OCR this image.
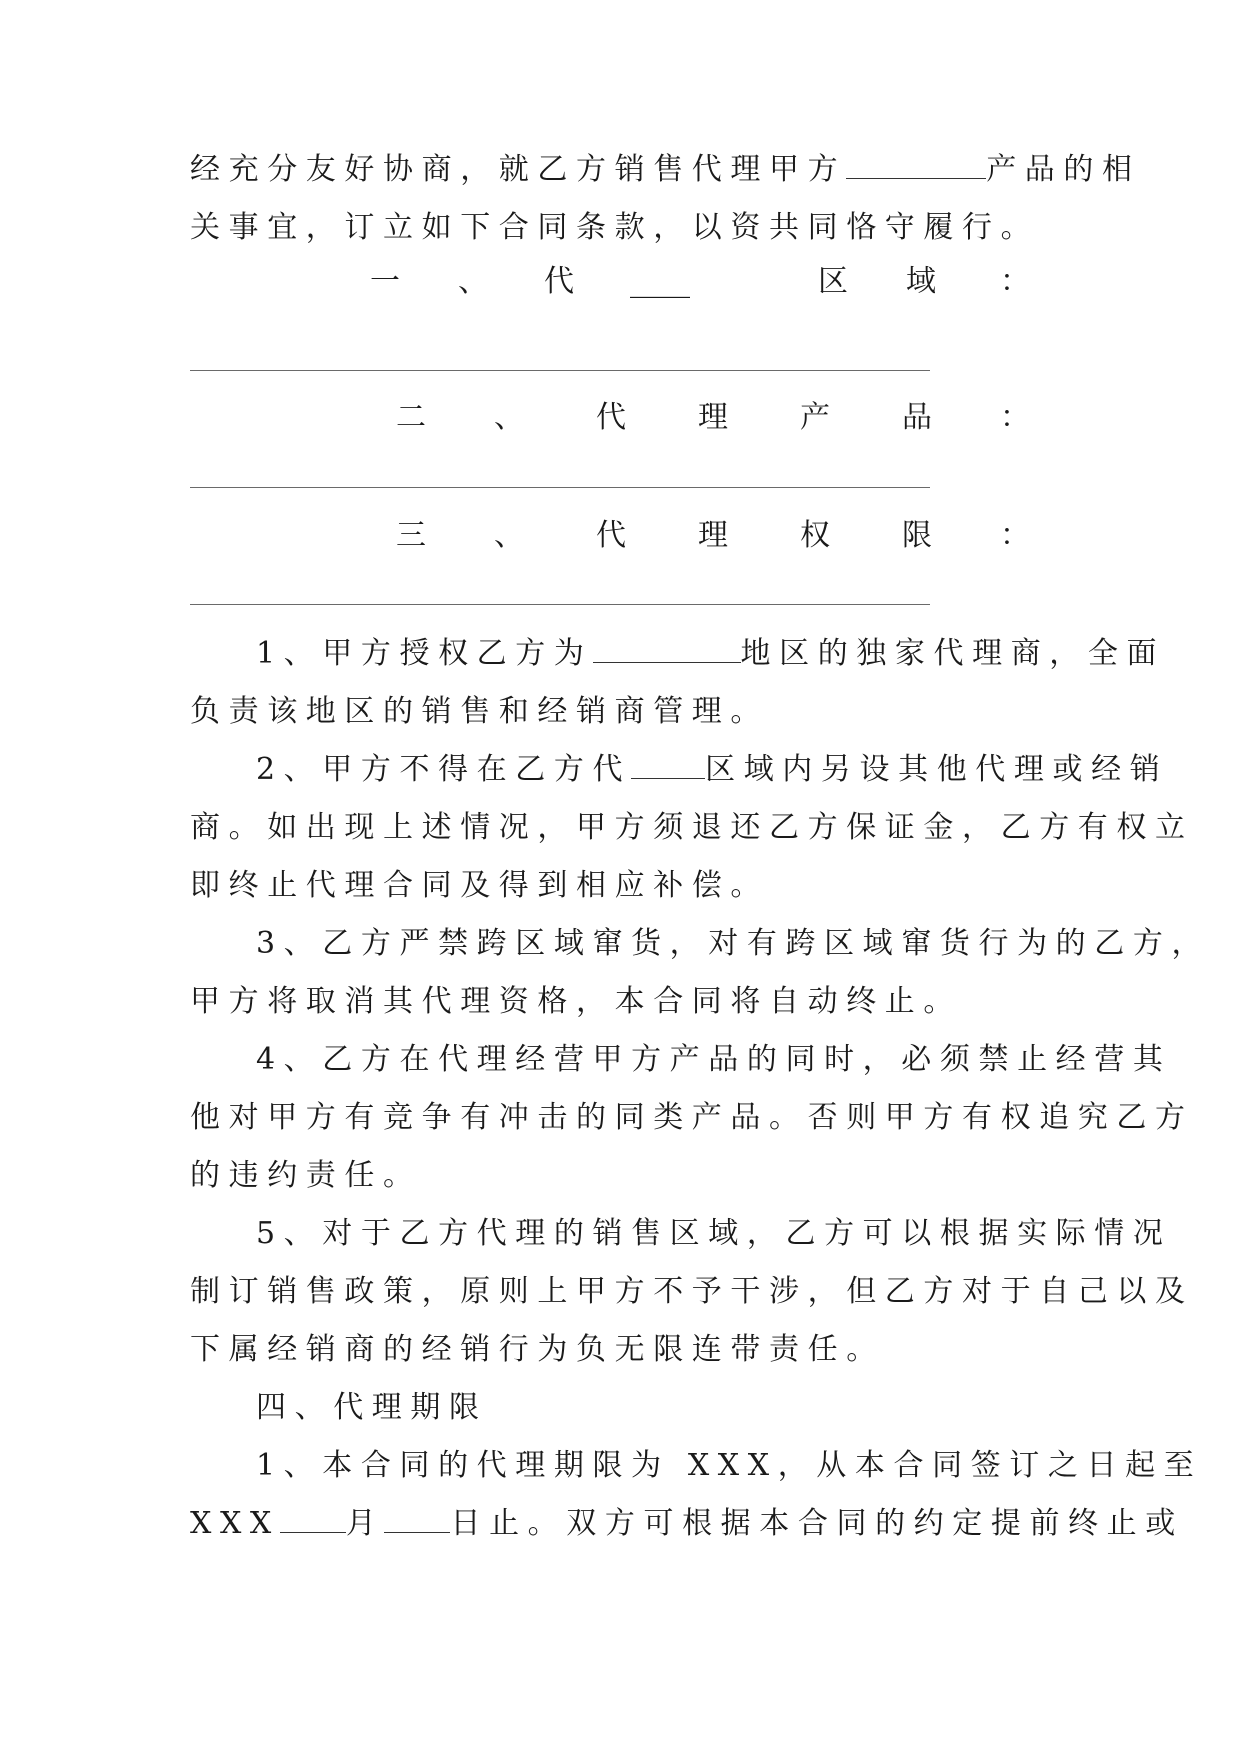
经充分友好协商，就乙方销售代理甲方	产品的相
关事宜，订立如下合同条款，以资共同恪守履行。
一 、 代 ____	区 域 ：
二 、 代 理 产 品 ：
三 、 代 理 权 限 ：
1、甲方授权乙方为	地区的独家代理商，全面
负责该地区的销售和经销商管理。
2、甲方不得在乙方代 区域内另设其他代理或经销
商。如出现上述情况，甲方须退还乙方保证金，乙方有权立
即终止代理合同及得到相应补偿。
3、乙方严禁跨区域窜货，对有跨区域窜货行为的乙方，
甲方将取消其代理资格，本合同将自动终止。
4、乙方在代理经营甲方产品的同时，必须禁止经营其
他对甲方有竞争有冲击的同类产品。否则甲方有权追究乙方
的违约责任。
5、对于乙方代理的销售区域，乙方可以根据实际情况
制订销售政策，原则上甲方不予干涉，但乙方对于自己以及
下属经销商的经销行为负无限连带责任。
四、代理期限
1、本合同的代理期限为 XXX，从本合同签订之日起至
XXX 月 日止。双方可根据本合同的约定提前终止或
